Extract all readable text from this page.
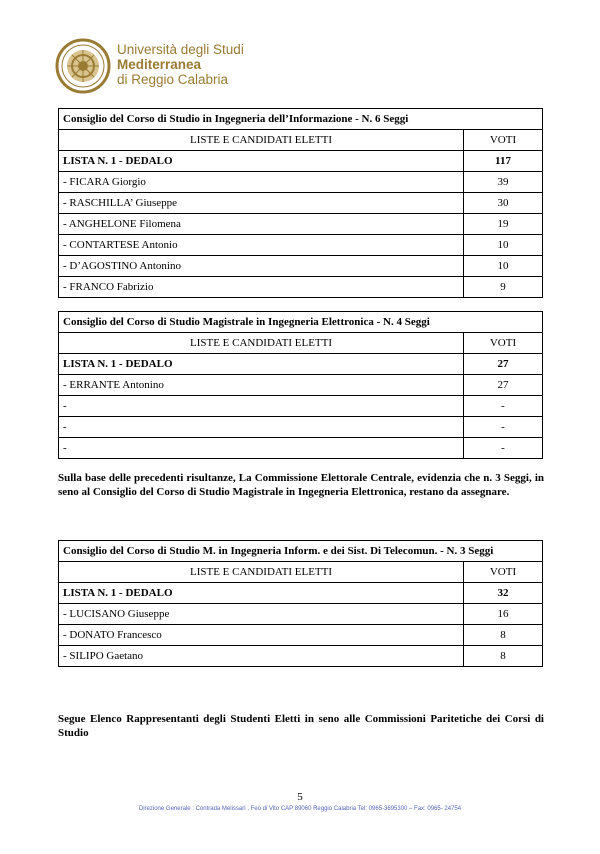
Università degli Studi
Mediterranea
di Reggio Calabria
Consiglio del Corso di Studio in Ingegneria dell’Informazione - N. 6 Seggi	
LISTE E CANDIDATI ELETTI	VOTI
LISTA N. 1 - DEDALO	117
- FICARA Giorgio	39
- RASCHILLA’ Giuseppe	30
- ANGHELONE Filomena	19
- CONTARTESE Antonio	10
- D’AGOSTINO Antonino	10
- FRANCO Fabrizio	9
Consiglio del Corso di Studio Magistrale in Ingegneria Elettronica - N. 4 Seggi	
LISTE E CANDIDATI ELETTI	VOTI
LISTA N. 1 - DEDALO	27
- ERRANTE Antonino	27
-	-
-	-
-	-
Sulla base delle precedenti risultanze, La Commissione Elettorale Centrale, evidenzia che n. 3 Seggi, in seno al Consiglio del Corso di Studio Magistrale in Ingegneria Elettronica, restano da assegnare.
Consiglio del Corso di Studio M. in Ingegneria Inform. e dei Sist. Di Telecomun. - N. 3 Seggi	
LISTE E CANDIDATI ELETTI	VOTI
LISTA N. 1 - DEDALO	32
- LUCISANO Giuseppe	16
- DONATO Francesco	8
- SILIPO Gaetano	8
Segue Elenco Rappresentanti degli Studenti Eletti in seno alle Commissioni Paritetiche dei Corsi di Studio
5
Direzione Generale : Contrada Melissari , Feo di Vito CAP 89060 Reggio Calabria Tel: 0965-3695300 – Fax: 0965- 24754
